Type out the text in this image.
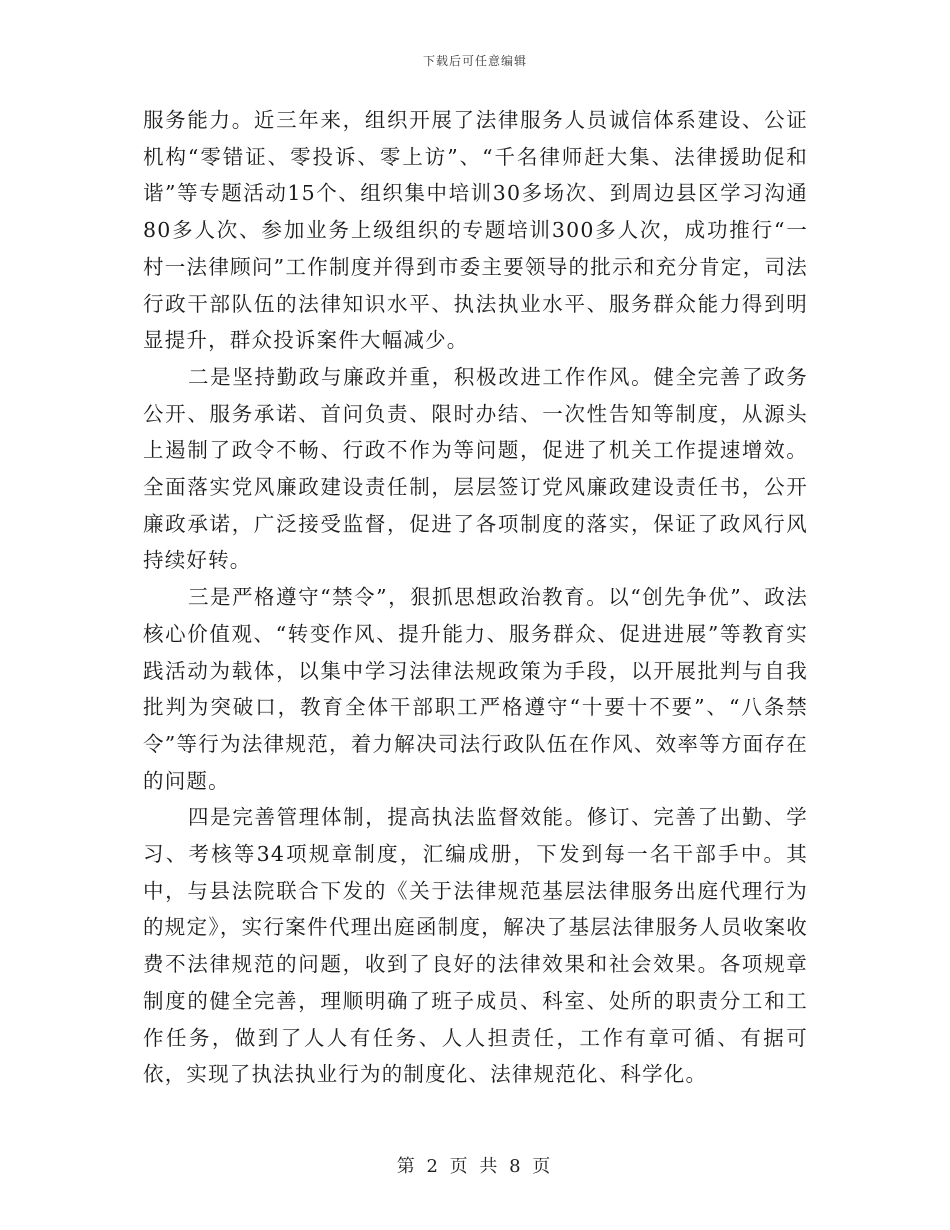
下载后可任意编辑

服务能力。近三年来，组织开展了法律服务人员诚信体系建设、公证机构“零错证、零投诉、零上访”、“千名律师赶大集、法律援助促和谐”等专题活动15个、组织集中培训30多场次、到周边县区学习沟通80多人次、参加业务上级组织的专题培训300多人次，成功推行“一村一法律顾问”工作制度并得到市委主要领导的批示和充分肯定，司法行政干部队伍的法律知识水平、执法执业水平、服务群众能力得到明显提升，群众投诉案件大幅减少。

二是坚持勤政与廉政并重，积极改进工作作风。健全完善了政务公开、服务承诺、首问负责、限时办结、一次性告知等制度，从源头上遏制了政令不畅、行政不作为等问题，促进了机关工作提速增效。全面落实党风廉政建设责任制，层层签订党风廉政建设责任书，公开廉政承诺，广泛接受监督，促进了各项制度的落实，保证了政风行风持续好转。

三是严格遵守“禁令”，狠抓思想政治教育。以“创先争优”、政法核心价值观、“转变作风、提升能力、服务群众、促进进展”等教育实践活动为载体，以集中学习法律法规政策为手段，以开展批判与自我批判为突破口，教育全体干部职工严格遵守“十要十不要”、“八条禁令”等行为法律规范，着力解决司法行政队伍在作风、效率等方面存在的问题。

四是完善管理体制，提高执法监督效能。修订、完善了出勤、学习、考核等34项规章制度，汇编成册，下发到每一名干部手中。其中，与县法院联合下发的《关于法律规范基层法律服务出庭代理行为的规定》，实行案件代理出庭函制度，解决了基层法律服务人员收案收费不法律规范的问题，收到了良好的法律效果和社会效果。各项规章制度的健全完善，理顺明确了班子成员、科室、处所的职责分工和工作任务，做到了人人有任务、人人担责任，工作有章可循、有据可依，实现了执法执业行为的制度化、法律规范化、科学化。

第 2 页 共 8 页
